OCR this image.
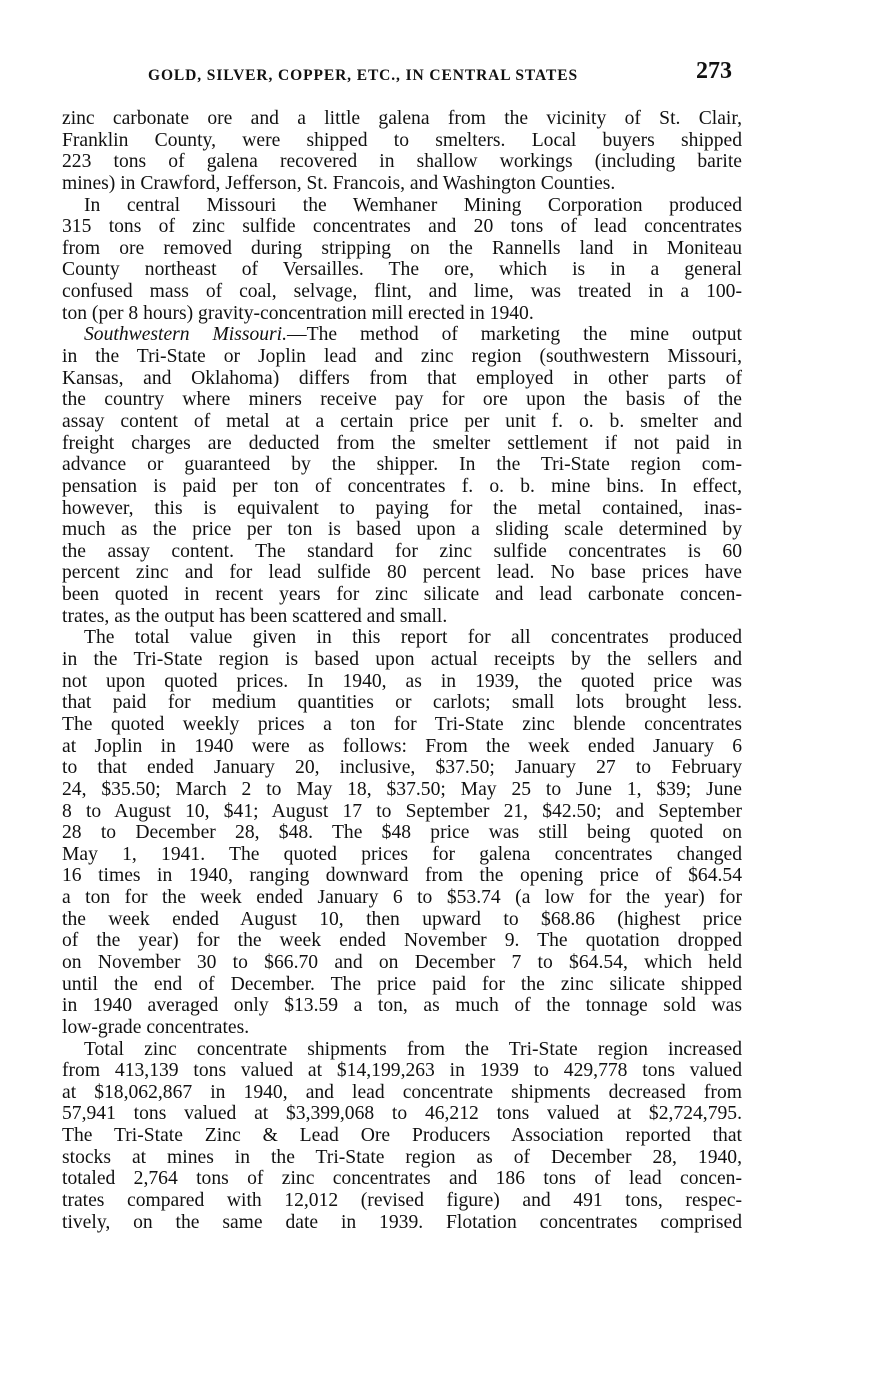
GOLD, SILVER, COPPER, ETC., IN CENTRAL STATES	273
zinc carbonate ore and a little galena from the vicinity of St. Clair,
Franklin County, were shipped to smelters. Local buyers shipped
223 tons of galena recovered in shallow workings (including barite
mines) in Crawford, Jefferson, St. Francois, and Washington Counties.
In central Missouri the Wemhaner Mining Corporation produced
315 tons of zinc sulfide concentrates and 20 tons of lead concentrates
from ore removed during stripping on the Rannells land in Moniteau
County northeast of Versailles. The ore, which is in a general
confused mass of coal, selvage, flint, and lime, was treated in a 100-
ton (per 8 hours) gravity-concentration mill erected in 1940.
Southwestern Missouri.—The method of marketing the mine output
in the Tri-State or Joplin lead and zinc region (southwestern Missouri,
Kansas, and Oklahoma) differs from that employed in other parts of
the country where miners receive pay for ore upon the basis of the
assay content of metal at a certain price per unit f. o. b. smelter and
freight charges are deducted from the smelter settlement if not paid in
advance or guaranteed by the shipper. In the Tri-State region com-
pensation is paid per ton of concentrates f. o. b. mine bins. In effect,
however, this is equivalent to paying for the metal contained, inas-
much as the price per ton is based upon a sliding scale determined by
the assay content. The standard for zinc sulfide concentrates is 60
percent zinc and for lead sulfide 80 percent lead. No base prices have
been quoted in recent years for zinc silicate and lead carbonate concen-
trates, as the output has been scattered and small.
The total value given in this report for all concentrates produced
in the Tri-State region is based upon actual receipts by the sellers and
not upon quoted prices. In 1940, as in 1939, the quoted price was
that paid for medium quantities or carlots; small lots brought less.
The quoted weekly prices a ton for Tri-State zinc blende concentrates
at Joplin in 1940 were as follows: From the week ended January 6
to that ended January 20, inclusive, $37.50; January 27 to February
24, $35.50; March 2 to May 18, $37.50; May 25 to June 1, $39; June
8 to August 10, $41; August 17 to September 21, $42.50; and September
28 to December 28, $48. The $48 price was still being quoted on
May 1, 1941. The quoted prices for galena concentrates changed
16 times in 1940, ranging downward from the opening price of $64.54
a ton for the week ended January 6 to $53.74 (a low for the year) for
the week ended August 10, then upward to $68.86 (highest price
of the year) for the week ended November 9. The quotation dropped
on November 30 to $66.70 and on December 7 to $64.54, which held
until the end of December. The price paid for the zinc silicate shipped
in 1940 averaged only $13.59 a ton, as much of the tonnage sold was
low-grade concentrates.
Total zinc concentrate shipments from the Tri-State region increased
from 413,139 tons valued at $14,199,263 in 1939 to 429,778 tons valued
at $18,062,867 in 1940, and lead concentrate shipments decreased from
57,941 tons valued at $3,399,068 to 46,212 tons valued at $2,724,795.
The Tri-State Zinc & Lead Ore Producers Association reported that
stocks at mines in the Tri-State region as of December 28, 1940,
totaled 2,764 tons of zinc concentrates and 186 tons of lead concen-
trates compared with 12,012 (revised figure) and 491 tons, respec-
tively, on the same date in 1939. Flotation concentrates comprised
